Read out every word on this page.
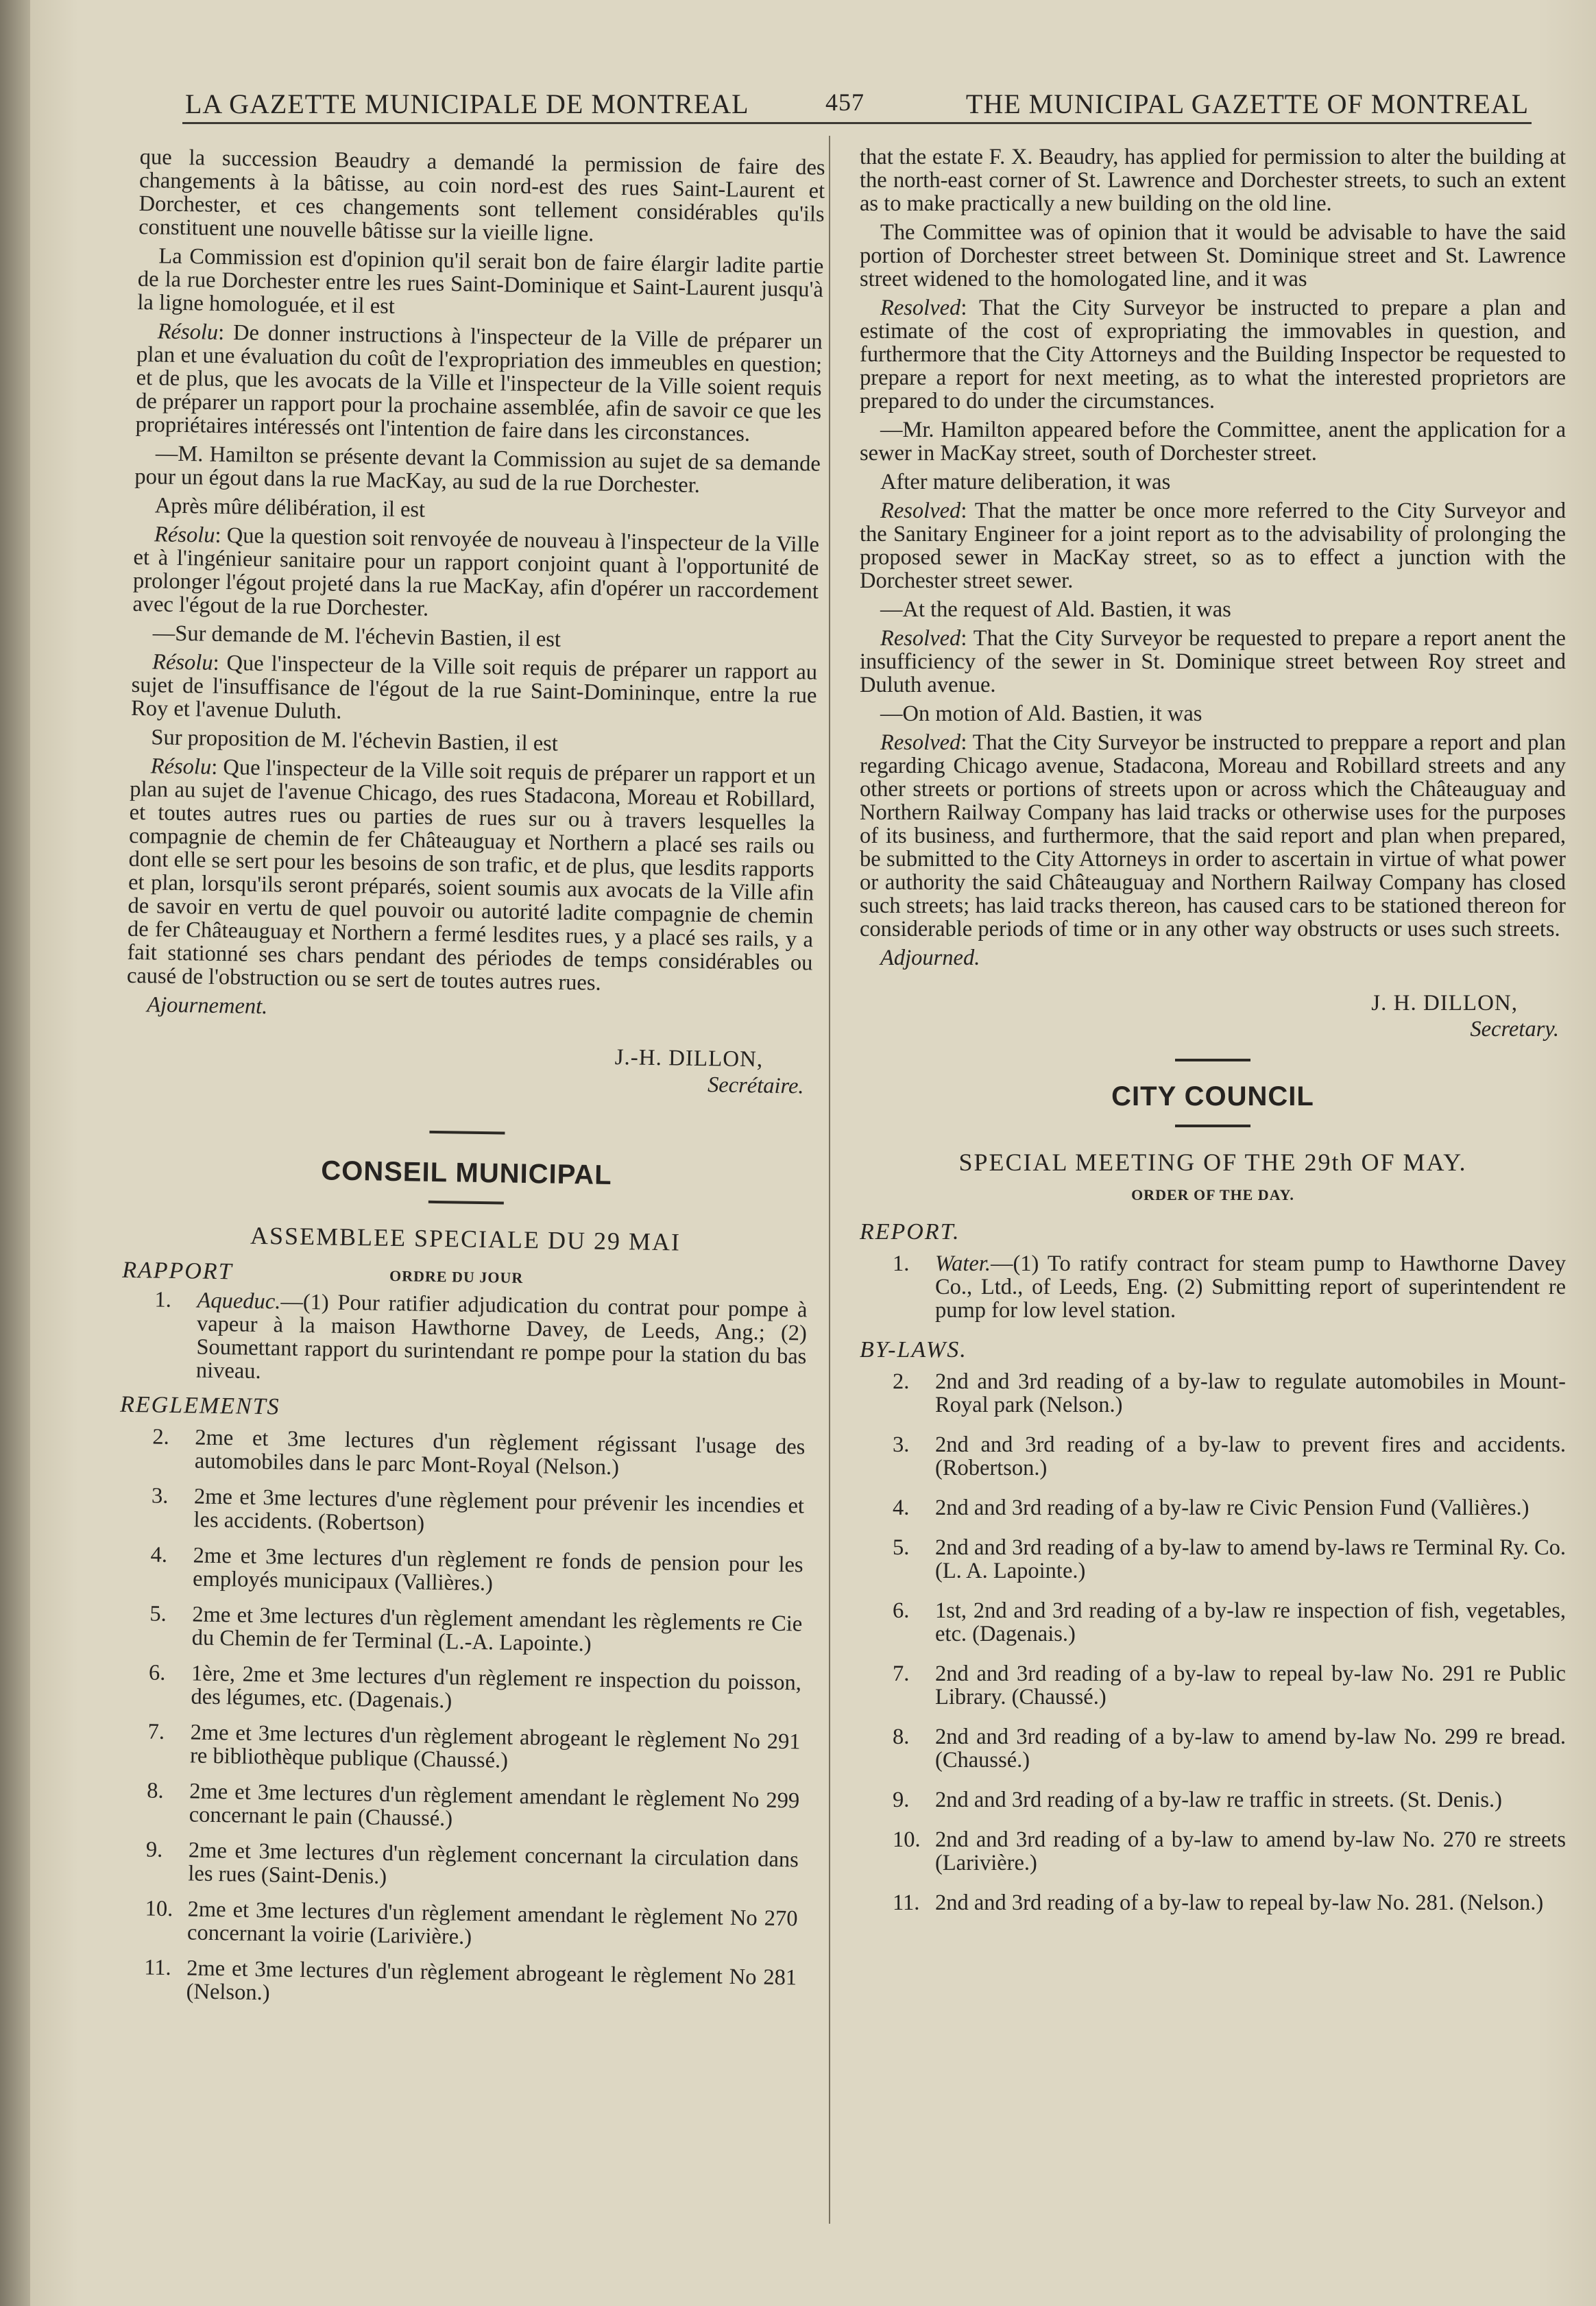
LA GAZETTE MUNICIPALE DE MONTREAL	457	THE MUNICIPAL GAZETTE OF MONTREAL

que la succession Beaudry a demandé la permission de faire des changements à la bâtisse, au coin nord-est des rues Saint-Laurent et Dorchester, et ces changements sont tellement considérables qu'ils constituent une nouvelle bâtisse sur la vieille ligne.

La Commission est d'opinion qu'il serait bon de faire élargir ladite partie de la rue Dorchester entre les rues Saint-Dominique et Saint-Laurent jusqu'à la ligne homologuée, et il est

Résolu: De donner instructions à l'inspecteur de la Ville de préparer un plan et une évaluation du coût de l'expropriation des immeubles en question; et de plus, que les avocats de la Ville et l'inspecteur de la Ville soient requis de préparer un rapport pour la prochaine assemblée, afin de savoir ce que les propriétaires intéressés ont l'intention de faire dans les circonstances.

—M. Hamilton se présente devant la Commission au sujet de sa demande pour un égout dans la rue MacKay, au sud de la rue Dorchester.

Après mûre délibération, il est

Résolu: Que la question soit renvoyée de nouveau à l'inspecteur de la Ville et à l'ingénieur sanitaire pour un rapport conjoint quant à l'opportunité de prolonger l'égout projeté dans la rue MacKay, afin d'opérer un raccordement avec l'égout de la rue Dorchester.

—Sur demande de M. l'échevin Bastien, il est

Résolu: Que l'inspecteur de la Ville soit requis de préparer un rapport au sujet de l'insuffisance de l'égout de la rue Saint-Domininque, entre la rue Roy et l'avenue Duluth.

Sur proposition de M. l'échevin Bastien, il est

Résolu: Que l'inspecteur de la Ville soit requis de préparer un rapport et un plan au sujet de l'avenue Chicago, des rues Stadacona, Moreau et Robillard, et toutes autres rues ou parties de rues sur ou à travers lesquelles la compagnie de chemin de fer Châteauguay et Northern a placé ses rails ou dont elle se sert pour les besoins de son trafic, et de plus, que lesdits rapports et plan, lorsqu'ils seront préparés, soient soumis aux avocats de la Ville afin de savoir en vertu de quel pouvoir ou autorité ladite compagnie de chemin de fer Châteauguay et Northern a fermé lesdites rues, y a placé ses rails, y a fait stationné ses chars pendant des périodes de temps considérables ou causé de l'obstruction ou se sert de toutes autres rues.

Ajournement.

J.-H. DILLON,
Secrétaire.
CONSEIL MUNICIPAL
ASSEMBLEE SPECIALE DU 29 MAI
RAPPORT	ORDRE DU JOUR
1. Aqueduc.—(1) Pour ratifier adjudication du contrat pour pompe à vapeur à la maison Hawthorne Davey, de Leeds, Ang.; (2) Soumettant rapport du surintendant re pompe pour la station du bas niveau.
REGLEMENTS
2. 2me et 3me lectures d'un règlement régissant l'usage des automobiles dans le parc Mont-Royal (Nelson.)
3. 2me et 3me lectures d'une règlement pour prévenir les incendies et les accidents. (Robertson)
4. 2me et 3me lectures d'un règlement re fonds de pension pour les employés municipaux (Vallières.)
5. 2me et 3me lectures d'un règlement amendant les règlements re Cie du Chemin de fer Terminal (L.-A. Lapointe.)
6. 1ère, 2me et 3me lectures d'un règlement re inspection du poisson, des légumes, etc. (Dagenais.)
7. 2me et 3me lectures d'un règlement abrogeant le règlement No 291 re bibliothèque publique (Chaussé.)
8. 2me et 3me lectures d'un règlement amendant le règlement No 299 concernant le pain (Chaussé.)
9. 2me et 3me lectures d'un règlement concernant la circulation dans les rues (Saint-Denis.)
10. 2me et 3me lectures d'un règlement amendant le règlement No 270 concernant la voirie (Larivière.)
11. 2me et 3me lectures d'un règlement abrogeant le règlement No 281 (Nelson.)

that the estate F. X. Beaudry, has applied for permission to alter the building at the north-east corner of St. Lawrence and Dorchester streets, to such an extent as to make practically a new building on the old line.

The Committee was of opinion that it would be advisable to have the said portion of Dorchester street between St. Dominique street and St. Lawrence street widened to the homologated line, and it was

Resolved: That the City Surveyor be instructed to prepare a plan and estimate of the cost of expropriating the immovables in question, and furthermore that the City Attorneys and the Building Inspector be requested to prepare a report for next meeting, as to what the interested proprietors are prepared to do under the circumstances.

—Mr. Hamilton appeared before the Committee, anent the application for a sewer in MacKay street, south of Dorchester street.

After mature deliberation, it was

Resolved: That the matter be once more referred to the City Surveyor and the Sanitary Engineer for a joint report as to the advisability of prolonging the proposed sewer in MacKay street, so as to effect a junction with the Dorchester street sewer.

—At the request of Ald. Bastien, it was

Resolved: That the City Surveyor be requested to prepare a report anent the insufficiency of the sewer in St. Dominique street between Roy street and Duluth avenue.

—On motion of Ald. Bastien, it was

Resolved: That the City Surveyor be instructed to preppare a report and plan regarding Chicago avenue, Stadacona, Moreau and Robillard streets and any other streets or portions of streets upon or across which the Châteauguay and Northern Railway Company has laid tracks or otherwise uses for the purposes of its business, and furthermore, that the said report and plan when prepared, be submitted to the City Attorneys in order to ascertain in virtue of what power or authority the said Châteauguay and Northern Railway Company has closed such streets; has laid tracks thereon, has caused cars to be stationed thereon for considerable periods of time or in any other way obstructs or uses such streets.

Adjourned.

J. H. DILLON,
Secretary.
CITY COUNCIL
SPECIAL MEETING OF THE 29th OF MAY.
ORDER OF THE DAY.
REPORT.
1. Water.—(1) To ratify contract for steam pump to Hawthorne Davey Co., Ltd., of Leeds, Eng. (2) Submitting report of superintendent re pump for low level station.
BY-LAWS.
2. 2nd and 3rd reading of a by-law to regulate automobiles in Mount-Royal park (Nelson.)
3. 2nd and 3rd reading of a by-law to prevent fires and accidents. (Robertson.)
4. 2nd and 3rd reading of a by-law re Civic Pension Fund (Vallières.)
5. 2nd and 3rd reading of a by-law to amend by-laws re Terminal Ry. Co. (L. A. Lapointe.)
6. 1st, 2nd and 3rd reading of a by-law re inspection of fish, vegetables, etc. (Dagenais.)
7. 2nd and 3rd reading of a by-law to repeal by-law No. 291 re Public Library. (Chaussé.)
8. 2nd and 3rd reading of a by-law to amend by-law No. 299 re bread. (Chaussé.)
9. 2nd and 3rd reading of a by-law re traffic in streets. (St. Denis.)
10. 2nd and 3rd reading of a by-law to amend by-law No. 270 re streets (Larivière.)
11. 2nd and 3rd reading of a by-law to repeal by-law No. 281. (Nelson.)
